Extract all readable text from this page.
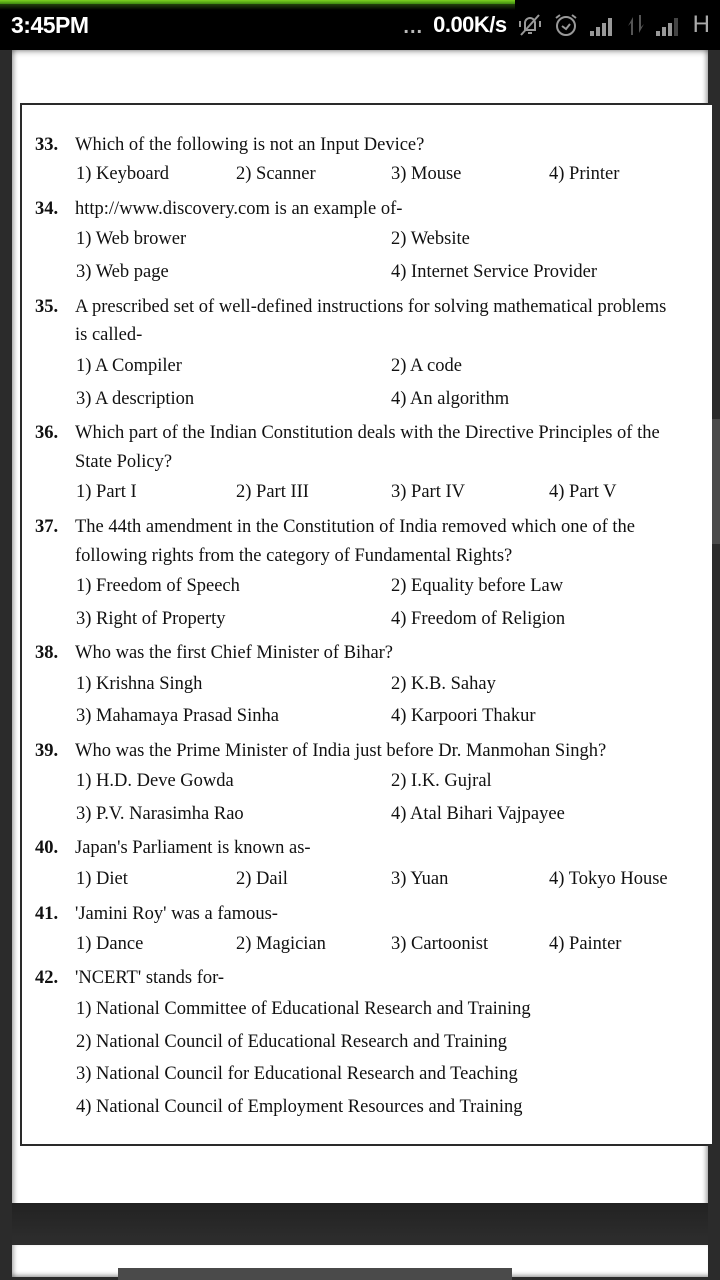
3:45PM	... 0.00K/s	H
33. Which of the following is not an Input Device?
1) Keyboard	2) Scanner	3) Mouse	4) Printer
34. http://www.discovery.com is an example of-
1) Web brower	2) Website
3) Web page	4) Internet Service Provider
35. A prescribed set of well-defined instructions for solving mathematical problems
is called-
1) A Compiler	2) A code
3) A description	4) An algorithm
36. Which part of the Indian Constitution deals with the Directive Principles of the
State Policy?
1) Part I	2) Part III	3) Part IV	4) Part V
37. The 44th amendment in the Constitution of India removed which one of the
following rights from the category of Fundamental Rights?
1) Freedom of Speech	2) Equality before Law
3) Right of Property	4) Freedom of Religion
38. Who was the first Chief Minister of Bihar?
1) Krishna Singh	2) K.B. Sahay
3) Mahamaya Prasad Sinha	4) Karpoori Thakur
39. Who was the Prime Minister of India just before Dr. Manmohan Singh?
1) H.D. Deve Gowda	2) I.K. Gujral
3) P.V. Narasimha Rao	4) Atal Bihari Vajpayee
40. Japan's Parliament is known as-
1) Diet	2) Dail	3) Yuan	4) Tokyo House
41. 'Jamini Roy' was a famous-
1) Dance	2) Magician	3) Cartoonist	4) Painter
42. 'NCERT' stands for-
1) National Committee of Educational Research and Training
2) National Council of Educational Research and Training
3) National Council for Educational Research and Teaching
4) National Council of Employment Resources and Training
